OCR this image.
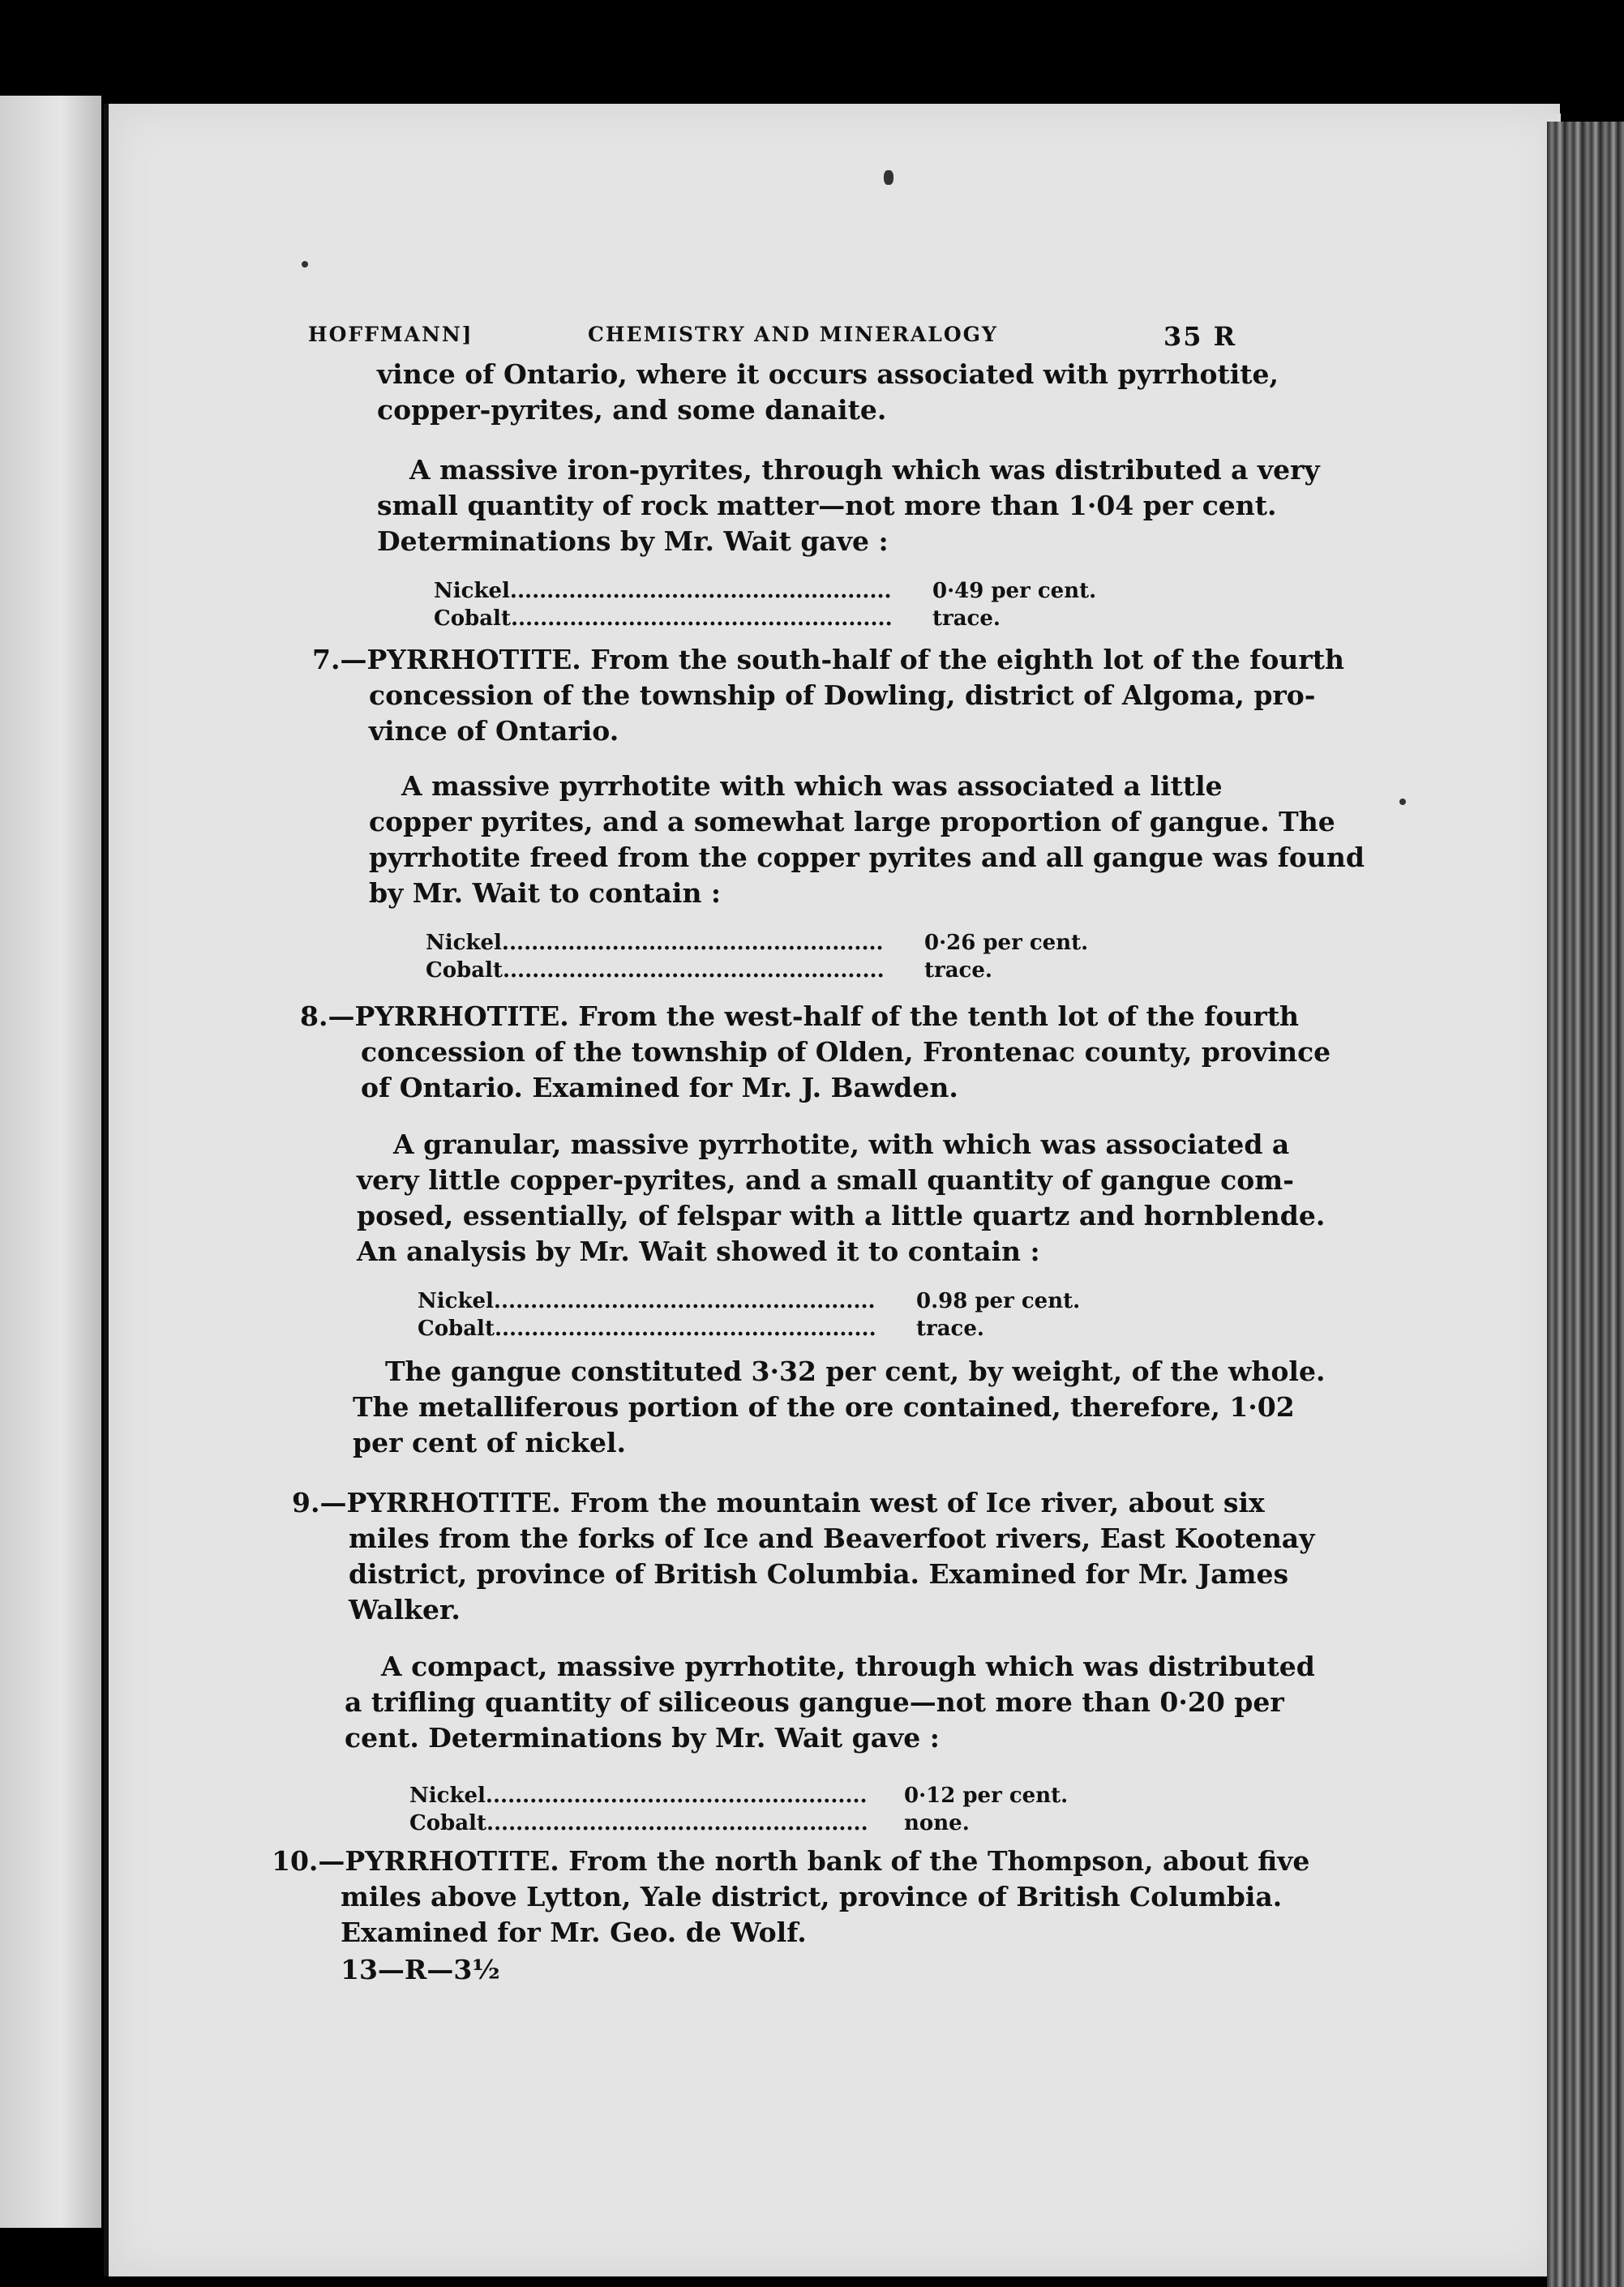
HOFFMANN]	CHEMISTRY AND MINERALOGY	35 R
vince of Ontario, where it occurs associated with pyrrhotite,
copper-pyrites, and some danaite.
A massive iron-pyrites, through which was distributed a very
small quantity of rock matter—not more than 1·04 per cent.
Determinations by Mr. Wait gave :
7.—PYRRHOTITE. From the south-half of the eighth lot of the fourth
concession of the township of Dowling, district of Algoma, pro-
vince of Ontario.
A massive pyrrhotite with which was associated a little
copper pyrites, and a somewhat large proportion of gangue. The
pyrrhotite freed from the copper pyrites and all gangue was found
by Mr. Wait to contain :
8.—PYRRHOTITE. From the west-half of the tenth lot of the fourth
concession of the township of Olden, Frontenac county, province
of Ontario. Examined for Mr. J. Bawden.
A granular, massive pyrrhotite, with which was associated a
very little copper-pyrites, and a small quantity of gangue com-
posed, essentially, of felspar with a little quartz and hornblende.
An analysis by Mr. Wait showed it to contain :
The gangue constituted 3·32 per cent, by weight, of the whole.
The metalliferous portion of the ore contained, therefore, 1·02
per cent of nickel.
9.—PYRRHOTITE. From the mountain west of Ice river, about six
miles from the forks of Ice and Beaverfoot rivers, East Kootenay
district, province of British Columbia. Examined for Mr. James
Walker.
A compact, massive pyrrhotite, through which was distributed
a trifling quantity of siliceous gangue—not more than 0·20 per
cent. Determinations by Mr. Wait gave :
10.—PYRRHOTITE. From the north bank of the Thompson, about five
miles above Lytton, Yale district, province of British Columbia.
Examined for Mr. Geo. de Wolf.
13—R—3½
Nickel....................................................	0·49 per cent.
Cobalt....................................................	trace.
Nickel....................................................	0·26 per cent.
Cobalt....................................................	trace.
Nickel....................................................	0.98 per cent.
Cobalt....................................................	trace.
Nickel....................................................	0·12 per cent.
Cobalt....................................................	none.
